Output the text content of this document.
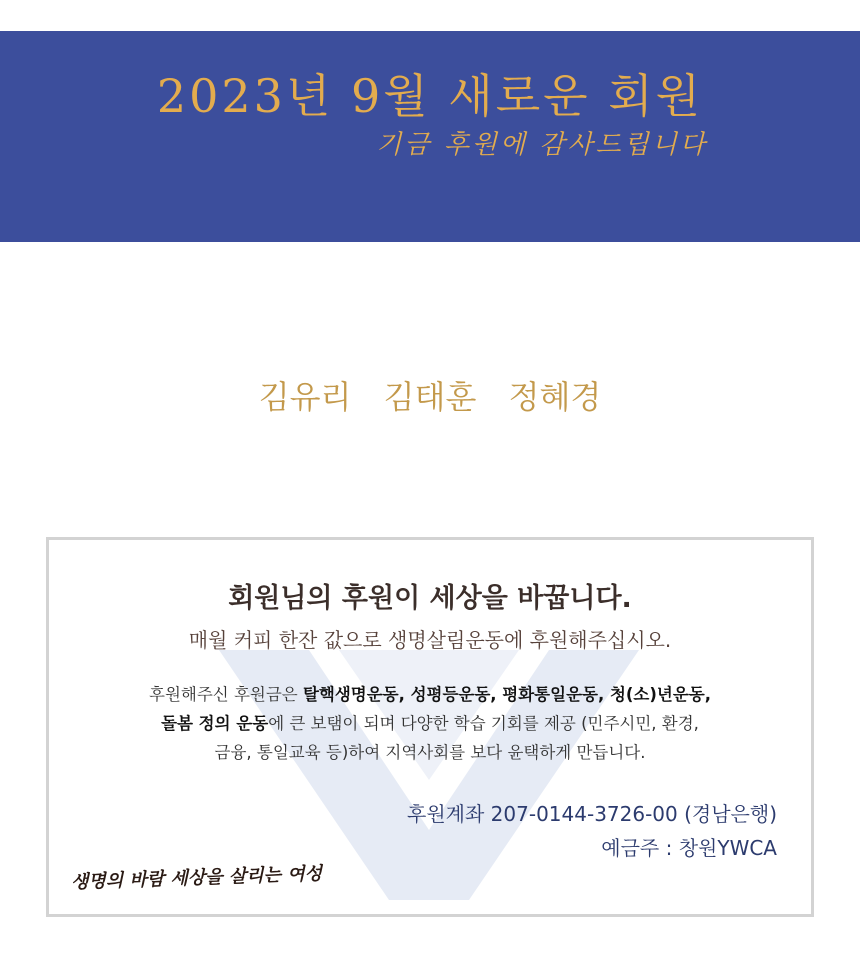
2023년 9월 새로운 회원
기금 후원에 감사드립니다
김유리 김태훈 정혜경
회원님의 후원이 세상을 바꿉니다.
매월 커피 한잔 값으로 생명살림운동에 후원해주십시오.
후원해주신 후원금은 탈핵생명운동, 성평등운동, 평화통일운동, 청(소)년운동,
돌봄 정의 운동에 큰 보탬이 되며 다양한 학습 기회를 제공 (민주시민, 환경,
금융, 통일교육 등)하여 지역사회를 보다 윤택하게 만듭니다.
후원계좌 207-0144-3726-00 (경남은행)
예금주 : 창원YWCA
생명의 바람 세상을 살리는 여성
